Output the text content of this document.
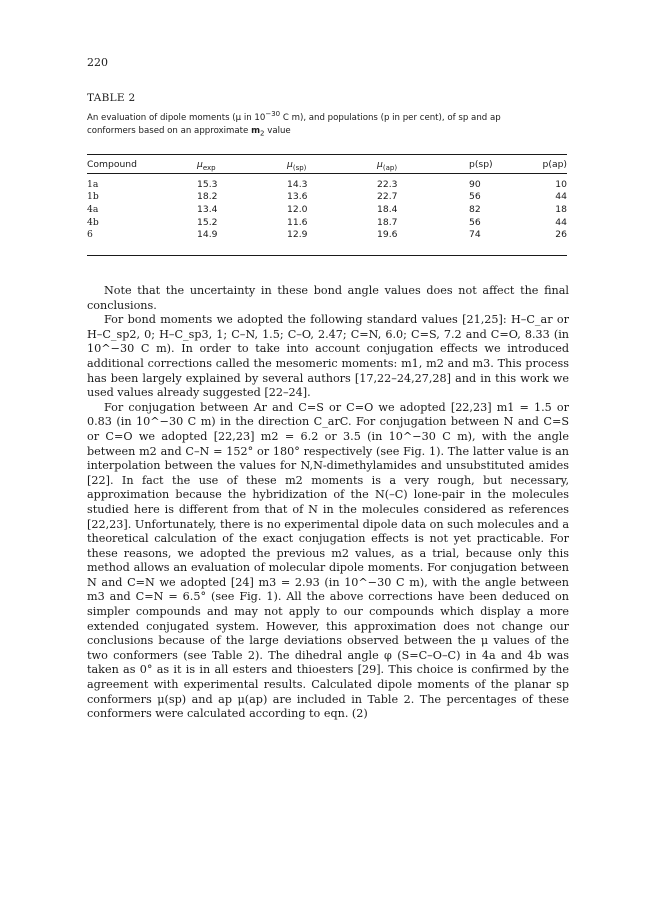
220
TABLE 2
An evaluation of dipole moments (μ in $10^{-30}$ C m), and populations (p in per cent), of sp and ap
conformers based on an approximate $m_2$ value
Compound	$\mu_{exp}$	$\mu_{(sp)}$	$\mu_{(ap)}$	p(sp)	p(ap)
1a	15.3	14.3	22.3	90	10
1b	18.2	13.6	22.7	56	44
4a	13.4	12.0	18.4	82	18
4b	15.2	11.6	18.7	56	44
6	14.9	12.9	19.6	74	26

Note that the uncertainty in these bond angle values does not affect the final conclusions.

For bond moments we adopted the following standard values [21,25]: H–C_ar or H–C_sp2, 0; H–C_sp3, 1; C–N, 1.5; C–O, 2.47; C=N, 6.0; C=S, 7.2 and C=O, 8.33 (in 10^−30 C m). In order to take into account conjugation effects we introduced additional corrections called the mesomeric moments: m1, m2 and m3. This process has been largely explained by several authors [17,22–24,27,28] and in this work we used values already suggested [22–24].

For conjugation between Ar and C=S or C=O we adopted [22,23] m1 = 1.5 or 0.83 (in 10^−30 C m) in the direction C_arC. For conjugation between N and C=S or C=O we adopted [22,23] m2 = 6.2 or 3.5 (in 10^−30 C m), with the angle between m2 and C–N = 152° or 180° respectively (see Fig. 1). The latter value is an interpolation between the values for N,N-dimethylamides and unsubstituted amides [22]. In fact the use of these m2 moments is a very rough, but necessary, approximation because the hybridization of the N(–C) lone-pair in the molecules studied here is different from that of N in the molecules considered as references [22,23]. Unfortunately, there is no experimental dipole data on such molecules and a theoretical calculation of the exact conjugation effects is not yet practicable. For these reasons, we adopted the previous m2 values, as a trial, because only this method allows an evaluation of molecular dipole moments. For conjugation between N and C=N we adopted [24] m3 = 2.93 (in 10^−30 C m), with the angle between m3 and C=N = 6.5° (see Fig. 1). All the above corrections have been deduced on simpler compounds and may not apply to our compounds which display a more extended conjugated system. However, this approximation does not change our conclusions because of the large deviations observed between the μ values of the two conformers (see Table 2). The dihedral angle φ (S=C–O–C) in 4a and 4b was taken as 0° as it is in all esters and thioesters [29]. This choice is confirmed by the agreement with experimental results. Calculated dipole moments of the planar sp conformers μ(sp) and ap μ(ap) are included in Table 2. The percentages of these conformers were calculated according to eqn. (2)
